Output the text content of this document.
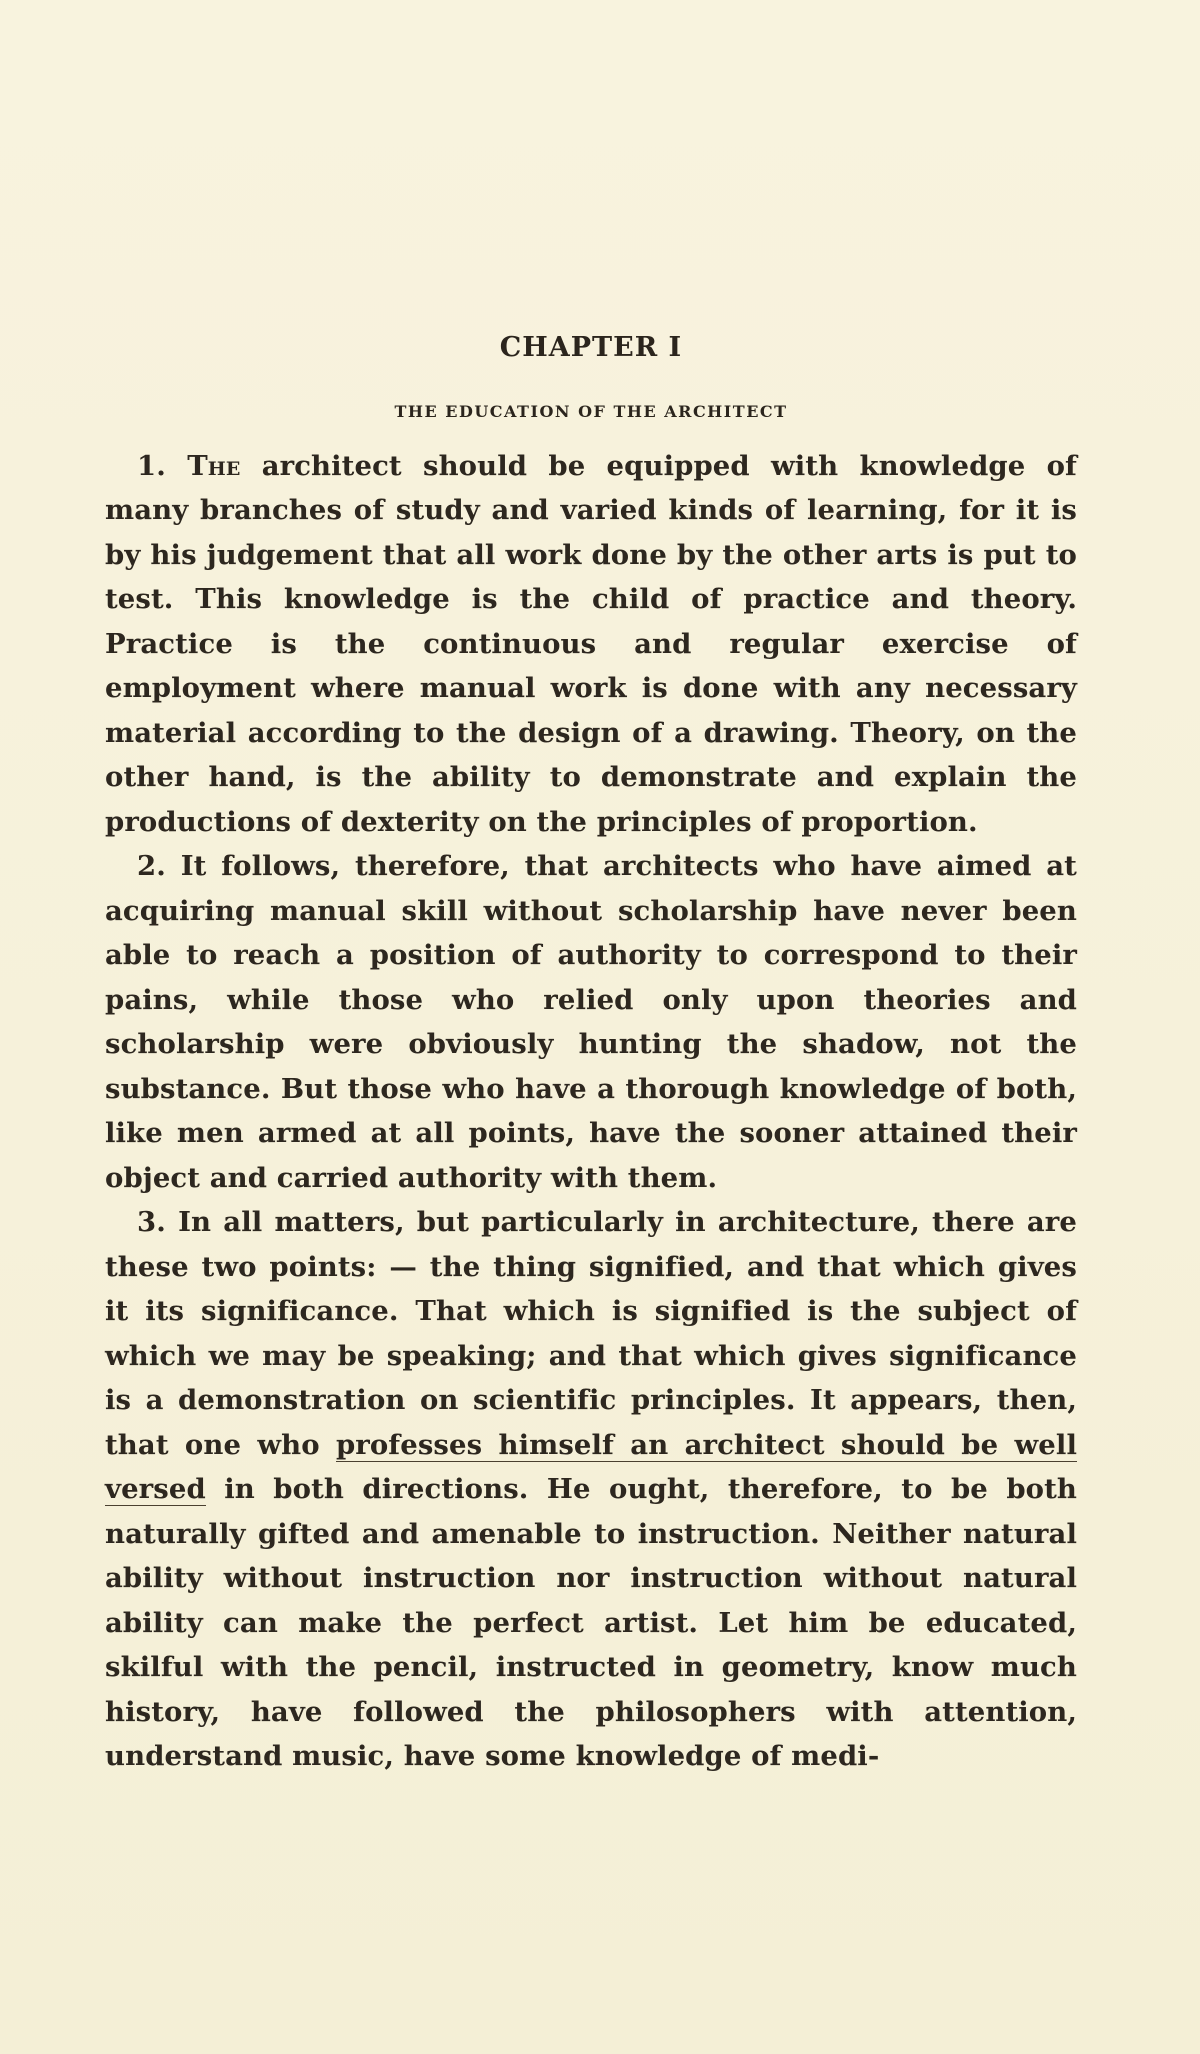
CHAPTER I
THE EDUCATION OF THE ARCHITECT

1. The architect should be equipped with knowledge of many branches of study and varied kinds of learning, for it is by his judgement that all work done by the other arts is put to test. This knowledge is the child of practice and theory. Practice is the continuous and regular exercise of employment where manual work is done with any necessary material according to the design of a drawing. Theory, on the other hand, is the ability to demonstrate and explain the productions of dexterity on the principles of proportion.

2. It follows, therefore, that architects who have aimed at acquiring manual skill without scholarship have never been able to reach a position of authority to correspond to their pains, while those who relied only upon theories and scholarship were obviously hunting the shadow, not the substance. But those who have a thorough knowledge of both, like men armed at all points, have the sooner attained their object and carried authority with them.

3. In all matters, but particularly in architecture, there are these two points: — the thing signified, and that which gives it its significance. That which is signified is the subject of which we may be speaking; and that which gives significance is a demonstration on scientific principles. It appears, then, that one who professes himself an architect should be well versed in both directions. He ought, therefore, to be both naturally gifted and amenable to instruction. Neither natural ability without instruction nor instruction without natural ability can make the perfect artist. Let him be educated, skilful with the pencil, instructed in geometry, know much history, have followed the philosophers with attention, understand music, have some knowledge of medi-
